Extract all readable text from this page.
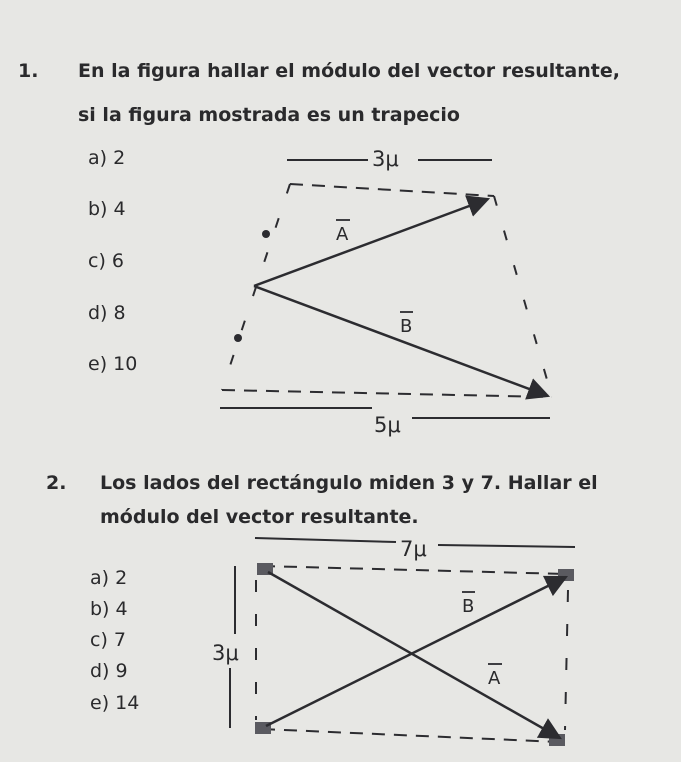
1. En la figura hallar el módulo del vector resultante,
si la figura mostrada es un trapecio
a) 2
b) 4
c) 6
d) 8
e) 10
3μ
5μ
A
B
2. Los lados del rectángulo miden 3 y 7. Hallar el
módulo del vector resultante.
a) 2
b) 4
c) 7
d) 9
e) 14
7μ
3μ
B
A
